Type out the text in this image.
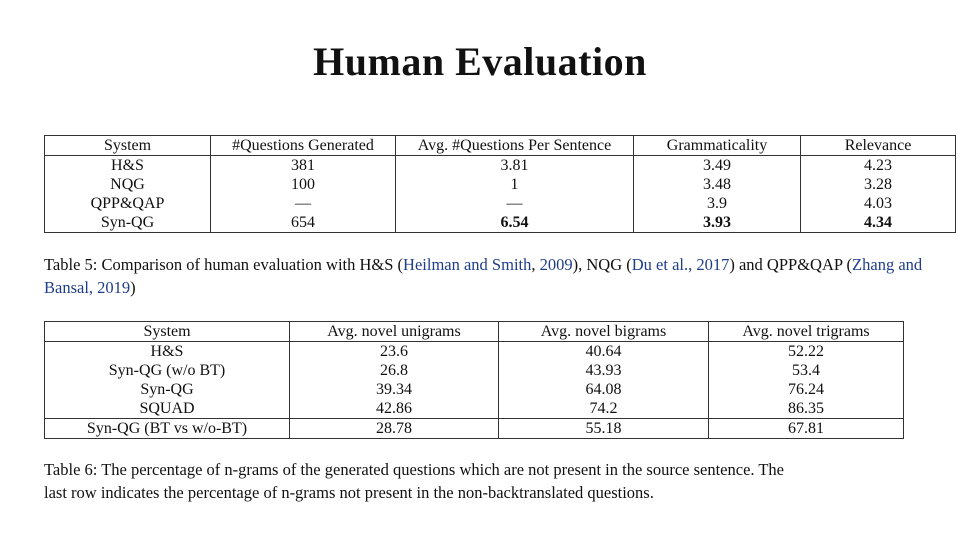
Human Evaluation
System	#Questions Generated	Avg. #Questions Per Sentence	Grammaticality	Relevance
H&S	381	3.81	3.49	4.23
NQG	100	1	3.48	3.28
QPP&QAP	—	—	3.9	4.03
Syn-QG	654	6.54	3.93	4.34
Table 5: Comparison of human evaluation with H&S (Heilman and Smith, 2009), NQG (Du et al., 2017) and QPP&QAP (Zhang and Bansal, 2019)
System	Avg. novel unigrams	Avg. novel bigrams	Avg. novel trigrams
H&S	23.6	40.64	52.22
Syn-QG (w/o BT)	26.8	43.93	53.4
Syn-QG	39.34	64.08	76.24
SQUAD	42.86	74.2	86.35
Syn-QG (BT vs w/o-BT)	28.78	55.18	67.81
Table 6: The percentage of n-grams of the generated questions which are not present in the source sentence. The
last row indicates the percentage of n-grams not present in the non-backtranslated questions.
